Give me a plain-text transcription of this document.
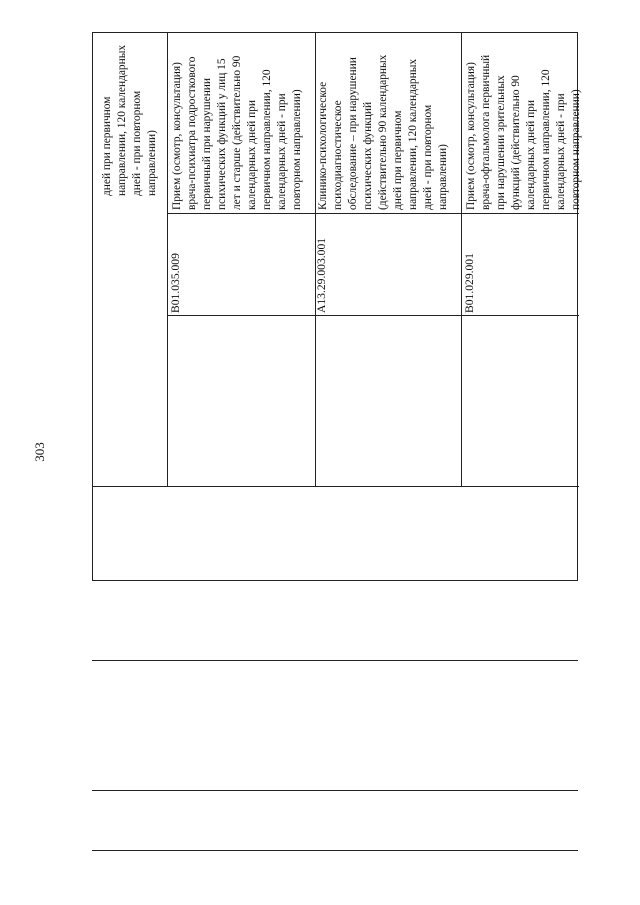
303
дней при первичном
направлении, 120 календарных
дней - при повторном
направлении)
B01.035.009
Прием (осмотр, консультация)
врача-психиатра подросткового
первичный при нарушении
психических функций у лиц 15
лет и старше (действительно 90
календарных дней при
первичном направлении, 120
календарных дней - при
повторном направлении)
A13.29.003.001
Клинико-психологическое
психодиагностическое
обследование – при нарушении
психических функций
(действительно 90 календарных
дней при первичном
направлении, 120 календарных
дней - при повторном
направлении)
B01.029.001
Прием (осмотр, консультация)
врача-офтальмолога первичный
при нарушении зрительных
функций (действительно 90
календарных дней при
первичном направлении, 120
календарных дней - при
повторном направлении)
